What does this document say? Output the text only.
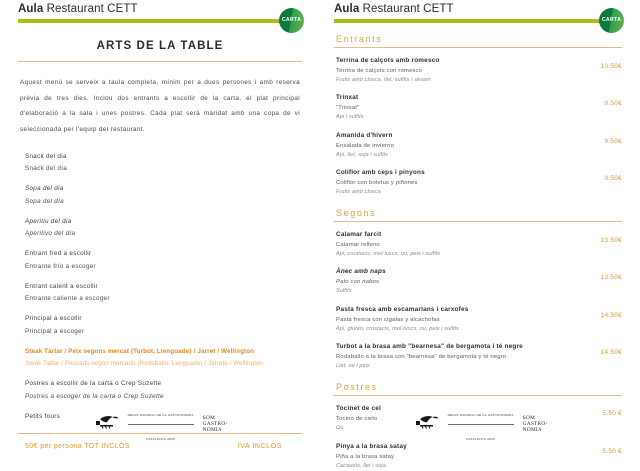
Aula Restaurant CETT
CARTA
ARTS DE LA TABLE
Aquest menú se serveix a taula completa, mínim per a dues persones i amb reserva prèvia de tres dies. Inclou dos entrants a escollir de la carta, el plat principal d'elaboració a la sala i unes postres. Cada plat serà maridat amb una copa de vi seleccionada per l'equip del restaurant.
Snack del dia
Snack del día
Sopa del dia
Sopa del día
Aperitiu del dia
Aperitivo del día
Entrant fred a escollir
Entrante frío a escoger
Entrant calent a escollir
Entrante caliente a escoger
Principal a escollir
Principal a escoger
Steak Tàrtar / Peix segons mercat (Turbot, Llenguado) / Jarret / Wellington
Steak Tartar / Pescado según mercado (Rodaballo, Lenguado) / Jarrete / Wellington
Postres a escollir de la carta o Crep Suzette
Postres a escoger de la carta o Crep Suzette
Petits fours
50€ per persona TOT INCLÒS	IVA INCLÒS
REGIÓ MUNDIAL DE LA GASTRONOMIA
CATALUNYA 2025
SOM
GASTRO-
NOMIA
Aula Restaurant CETT
CARTA
Entrants
Terrina de calçots amb romesco
Terrina de calçots con romesco
Fruits amb closca, llet, sulfits i sèsam
10.50€
Trinxat
"Trinxat"
Api i sulfits
9.50€
Amanida d'hivern
Ensalada de invierno
Api, llet, soja i sulfits
9.50€
Coliflor amb ceps i pinyons
Coliflor con boletus y piñones
Fruits amb closca
9.50€
Segons
Calamar farcit
Calamar relleno
Api, crustacis, mol·luscs, ou, peix i sulfits
13.50€
Ànec amb naps
Pato con nabos
Sulfits
13.50€
Pasta fresca amb escamarlans i carxofes
Pasta fresca con cigalas y alcachofas
Api, gluten, crustacis, mol·luscs, ou, peix i sulfits
14.50€
Turbot a la brasa amb "bearnesa" de bergamota i té negre
Rodaballo a la brasa con "bearnesa" de bergamota y té negro
Llet, ou i peix
14.50€
Postres
Tocinet de cel
Tocino de cielo
Ou
5.50 €
Pinya a la brasa satay
Piña a la brasa satay
Cacauets, llet i soja
5.50 €
REGIÓ MUNDIAL DE LA GASTRONOMIA
CATALUNYA 2025
SOM
GASTRO-
NOMIA
